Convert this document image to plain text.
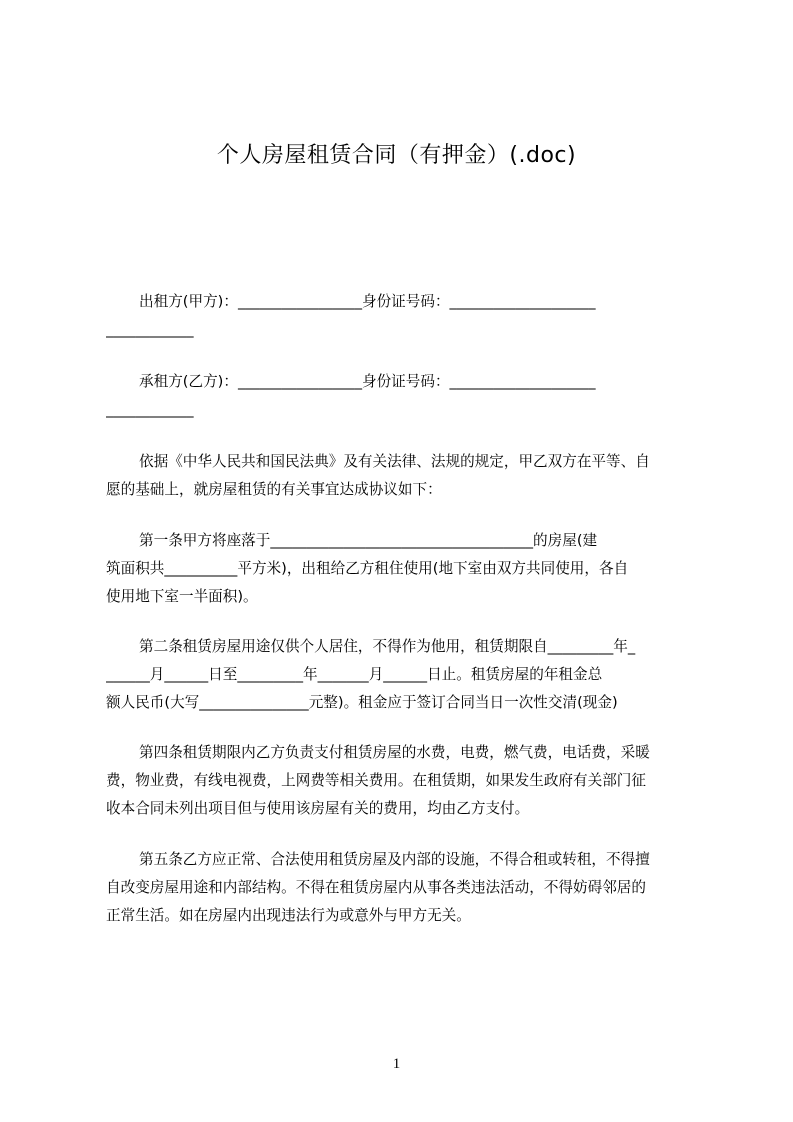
个人房屋租赁合同（有押金）(.doc)
出租方(甲方)：_________________身份证号码：____________________
____________
承租方(乙方)：_________________身份证号码：____________________
____________
依据《中华人民共和国民法典》及有关法律、法规的规定，甲乙双方在平等、自
愿的基础上，就房屋租赁的有关事宜达成协议如下：
第一条甲方将座落于____________________________________的房屋(建
筑面积共__________平方米)，出租给乙方租住使用(地下室由双方共同使用，各自
使用地下室一半面积)。
第二条租赁房屋用途仅供个人居住，不得作为他用，租赁期限自_________年_
______月______日至_________年_______月______日止。租赁房屋的年租金总
额人民币(大写_______________元整)。租金应于签订合同当日一次性交清(现金)
第四条租赁期限内乙方负责支付租赁房屋的水费，电费，燃气费，电话费，采暖
费，物业费，有线电视费，上网费等相关费用。在租赁期，如果发生政府有关部门征
收本合同未列出项目但与使用该房屋有关的费用，均由乙方支付。
第五条乙方应正常、合法使用租赁房屋及内部的设施，不得合租或转租，不得擅
自改变房屋用途和内部结构。不得在租赁房屋内从事各类违法活动，不得妨碍邻居的
正常生活。如在房屋内出现违法行为或意外与甲方无关。
1
